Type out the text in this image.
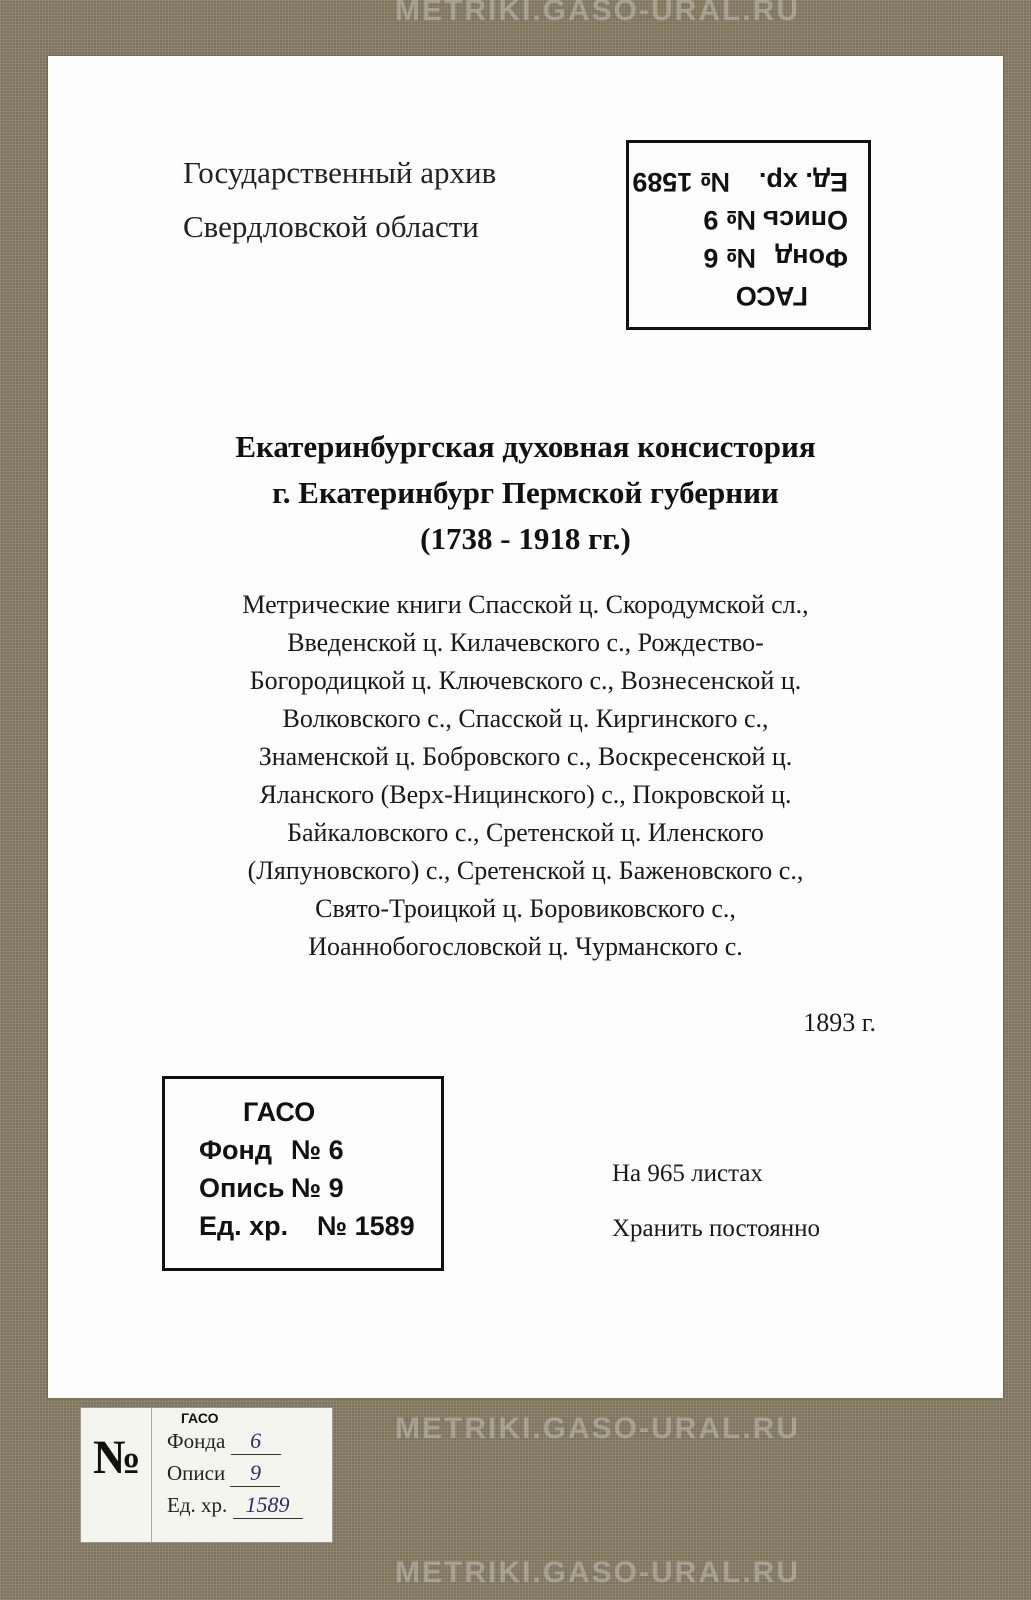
METRIKI.GASO-URAL.RU
METRIKI.GASO-URAL.RU
METRIKI.GASO-URAL.RU
Государственный архив
Свердловской области
ГАСО
Фонд№ 6
Опись№ 9
Ед. хр.№ 1589
Екатеринбургская духовная консистория
г. Екатеринбург Пермской губернии
(1738 - 1918 гг.)
Метрические книги Спасской ц. Скородумской сл.,
Введенской ц. Килачевского с., Рождество-
Богородицкой ц. Ключевского с., Вознесенской ц.
Волковского с., Спасской ц. Киргинского с.,
Знаменской ц. Бобровского с., Воскресенской ц.
Яланского (Верх-Ницинского) с., Покровской ц.
Байкаловского с., Сретенской ц. Иленского
(Ляпуновского) с., Сретенской ц. Баженовского с.,
Свято-Троицкой ц. Боровиковского с.,
Иоаннобогословской ц. Чурманского с.
1893 г.
ГАСО
Фонд № 6
Опись № 9
Ед. хр. № 1589
На 965 листах
Хранить постоянно
№
ГАСО
Фонда 6
Описи 9
Ед. хр. 1589
